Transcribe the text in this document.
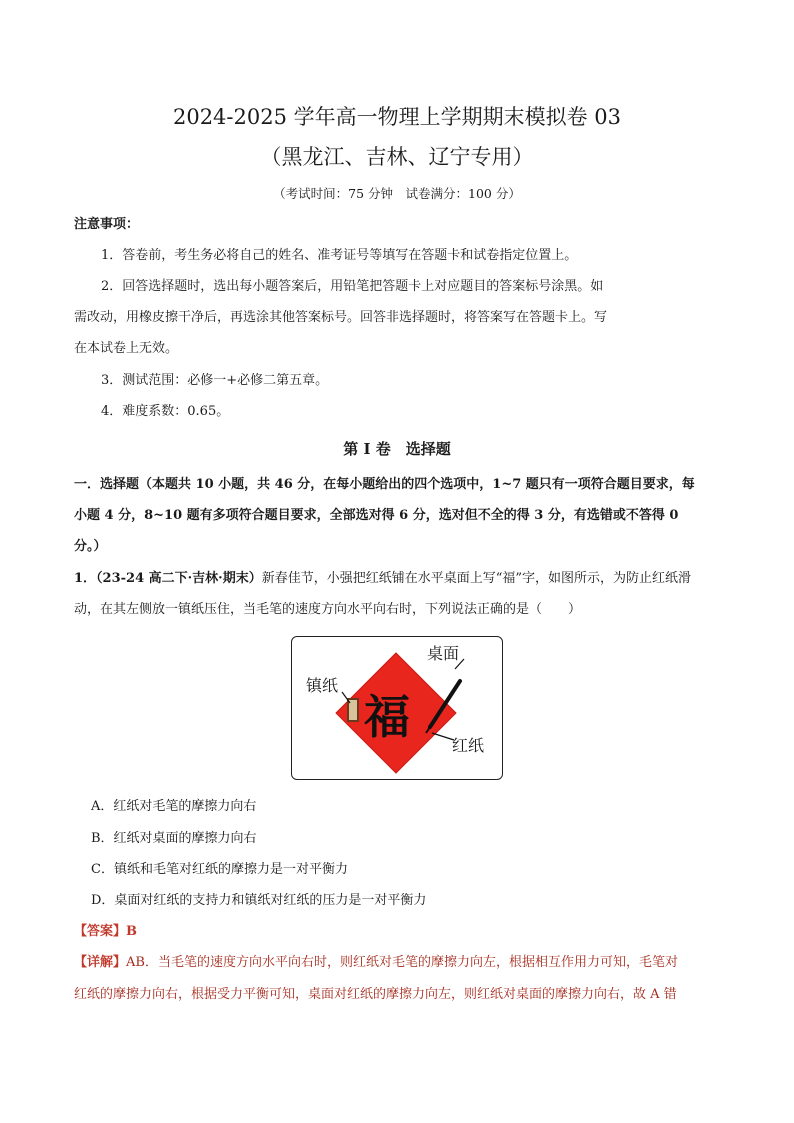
2024-2025 学年高一物理上学期期末模拟卷 03
（黑龙江、吉林、辽宁专用）
（考试时间：75 分钟　试卷满分：100 分）
注意事项：
1．答卷前，考生务必将自己的姓名、准考证号等填写在答题卡和试卷指定位置上。
2．回答选择题时，选出每小题答案后，用铅笔把答题卡上对应题目的答案标号涂黑。如
需改动，用橡皮擦干净后，再选涂其他答案标号。回答非选择题时，将答案写在答题卡上。写
在本试卷上无效。
3．测试范围：必修一+必修二第五章。
4．难度系数：0.65。
第 I 卷　选择题
一．选择题（本题共 10 小题，共 46 分，在每小题给出的四个选项中，1~7 题只有一项符合题目要求，每
小题 4 分，8~10 题有多项符合题目要求，全部选对得 6 分，选对但不全的得 3 分，有选错或不答得 0
分。）
1．（23-24 高二下·吉林·期末）新春佳节，小强把红纸铺在水平桌面上写“福”字，如图所示，为防止红纸滑
动，在其左侧放一镇纸压住，当毛笔的速度方向水平向右时，下列说法正确的是（　　）
桌面
镇纸
红纸
福
A．红纸对毛笔的摩擦力向右
B．红纸对桌面的摩擦力向右
C．镇纸和毛笔对红纸的摩擦力是一对平衡力
D．桌面对红纸的支持力和镇纸对红纸的压力是一对平衡力
【答案】B
【详解】AB．当毛笔的速度方向水平向右时，则红纸对毛笔的摩擦力向左，根据相互作用力可知，毛笔对
红纸的摩擦力向右，根据受力平衡可知，桌面对红纸的摩擦力向左，则红纸对桌面的摩擦力向右，故 A 错
